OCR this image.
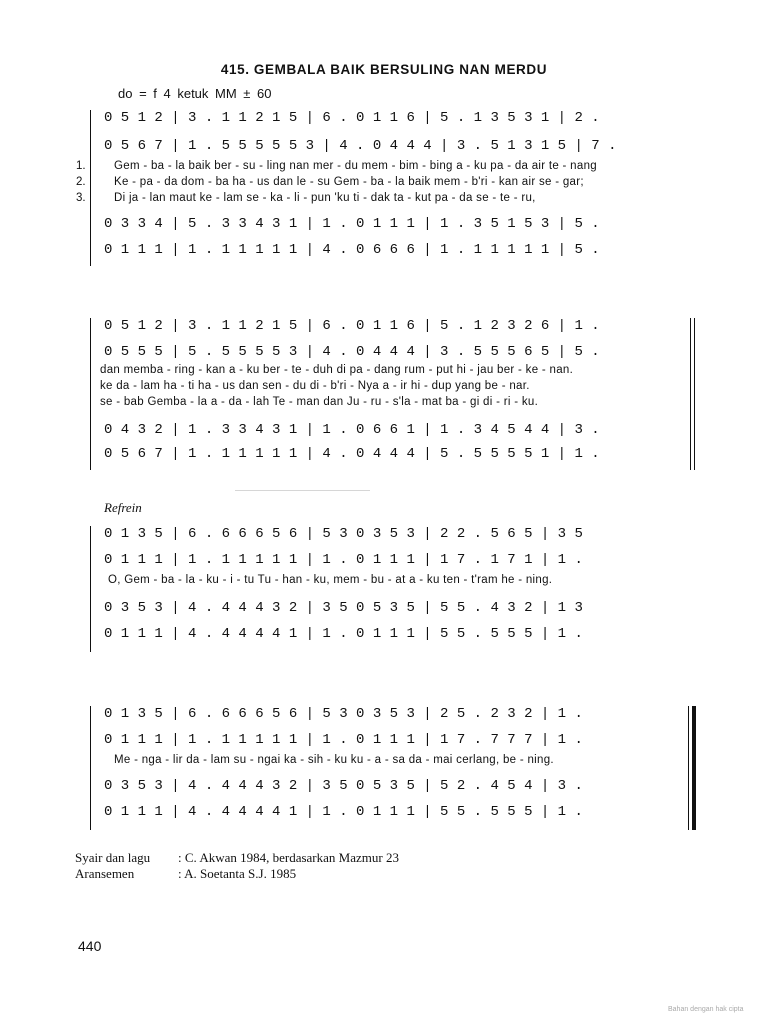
415. GEMBALA BAIK BERSULING NAN MERDU
do = f 4 ketuk MM ± 60
0 5 1 2 | 3 . 1 1 2 1 5 | 6 . 0 1 1 6 | 5 . 1 3 5 3 1 | 2 .
0 5 6 7 | 1 . 5 5 5 5 5 3 | 4 . 0 4 4 4 | 3 . 5 1 3 1 5 | 7 .
1. Gem - ba - la baik ber - su - ling nan mer - du mem - bim - bing a - ku pa - da air te - nang
2. Ke - pa - da dom - ba ha - us dan le - su Gem - ba - la baik mem - b'ri - kan air se - gar;
3. Di ja - lan maut ke - lam se - ka - li - pun 'ku ti - dak ta - kut pa - da se - te - ru,
0 3 3 4 | 5 . 3 3 4 3 1 | 1 . 0 1 1 1 | 1 . 3 5 1 5 3 | 5 .
0 1 1 1 | 1 . 1 1 1 1 1 | 4 . 0 6 6 6 | 1 . 1 1 1 1 1 | 5 .
0 5 1 2 | 3 . 1 1 2 1 5 | 6 . 0 1 1 6 | 5 . 1 2 3 2 6 | 1 .
0 5 5 5 | 5 . 5 5 5 5 3 | 4 . 0 4 4 4 | 3 . 5 5 5 6 5 | 5 .
dan memba - ring - kan a - ku ber - te - duh di pa - dang rum - put hi - jau ber - ke - nan.
ke da - lam ha - ti ha - us dan sen - du di - b'ri - Nya a - ir hi - dup yang be - nar.
se - bab Gemba - la a - da - lah Te - man dan Ju - ru - s'la - mat ba - gi di - ri - ku.
0 4 3 2 | 1 . 3 3 4 3 1 | 1 . 0 6 6 1 | 1 . 3 4 5 4 4 | 3 .
0 5 6 7 | 1 . 1 1 1 1 1 | 4 . 0 4 4 4 | 5 . 5 5 5 5 1 | 1 .
Refrein
0 1 3 5 | 6 . 6 6 6 5 6 | 5 3 0 3 5 3 | 2 2 . 5 6 5 | 3 5
0 1 1 1 | 1 . 1 1 1 1 1 | 1 . 0 1 1 1 | 1 7 . 1 7 1 | 1 .
O, Gem - ba - la - ku - i - tu Tu - han - ku, mem - bu - at a - ku ten - t'ram he - ning.
0 3 5 3 | 4 . 4 4 4 3 2 | 3 5 0 5 3 5 | 5 5 . 4 3 2 | 1 3
0 1 1 1 | 4 . 4 4 4 4 1 | 1 . 0 1 1 1 | 5 5 . 5 5 5 | 1 .
0 1 3 5 | 6 . 6 6 6 5 6 | 5 3 0 3 5 3 | 2 5 . 2 3 2 | 1 .
0 1 1 1 | 1 . 1 1 1 1 1 | 1 . 0 1 1 1 | 1 7 . 7 7 7 | 1 .
Me - nga - lir da - lam su - ngai ka - sih - ku ku - a - sa da - mai cerlang, be - ning.
0 3 5 3 | 4 . 4 4 4 3 2 | 3 5 0 5 3 5 | 5 2 . 4 5 4 | 3 .
0 1 1 1 | 4 . 4 4 4 4 1 | 1 . 0 1 1 1 | 5 5 . 5 5 5 | 1 .
Syair dan lagu : C. Akwan 1984, berdasarkan Mazmur 23
Aransemen	: A. Soetanta S.J. 1985
440
Bahan dengan hak cipta
